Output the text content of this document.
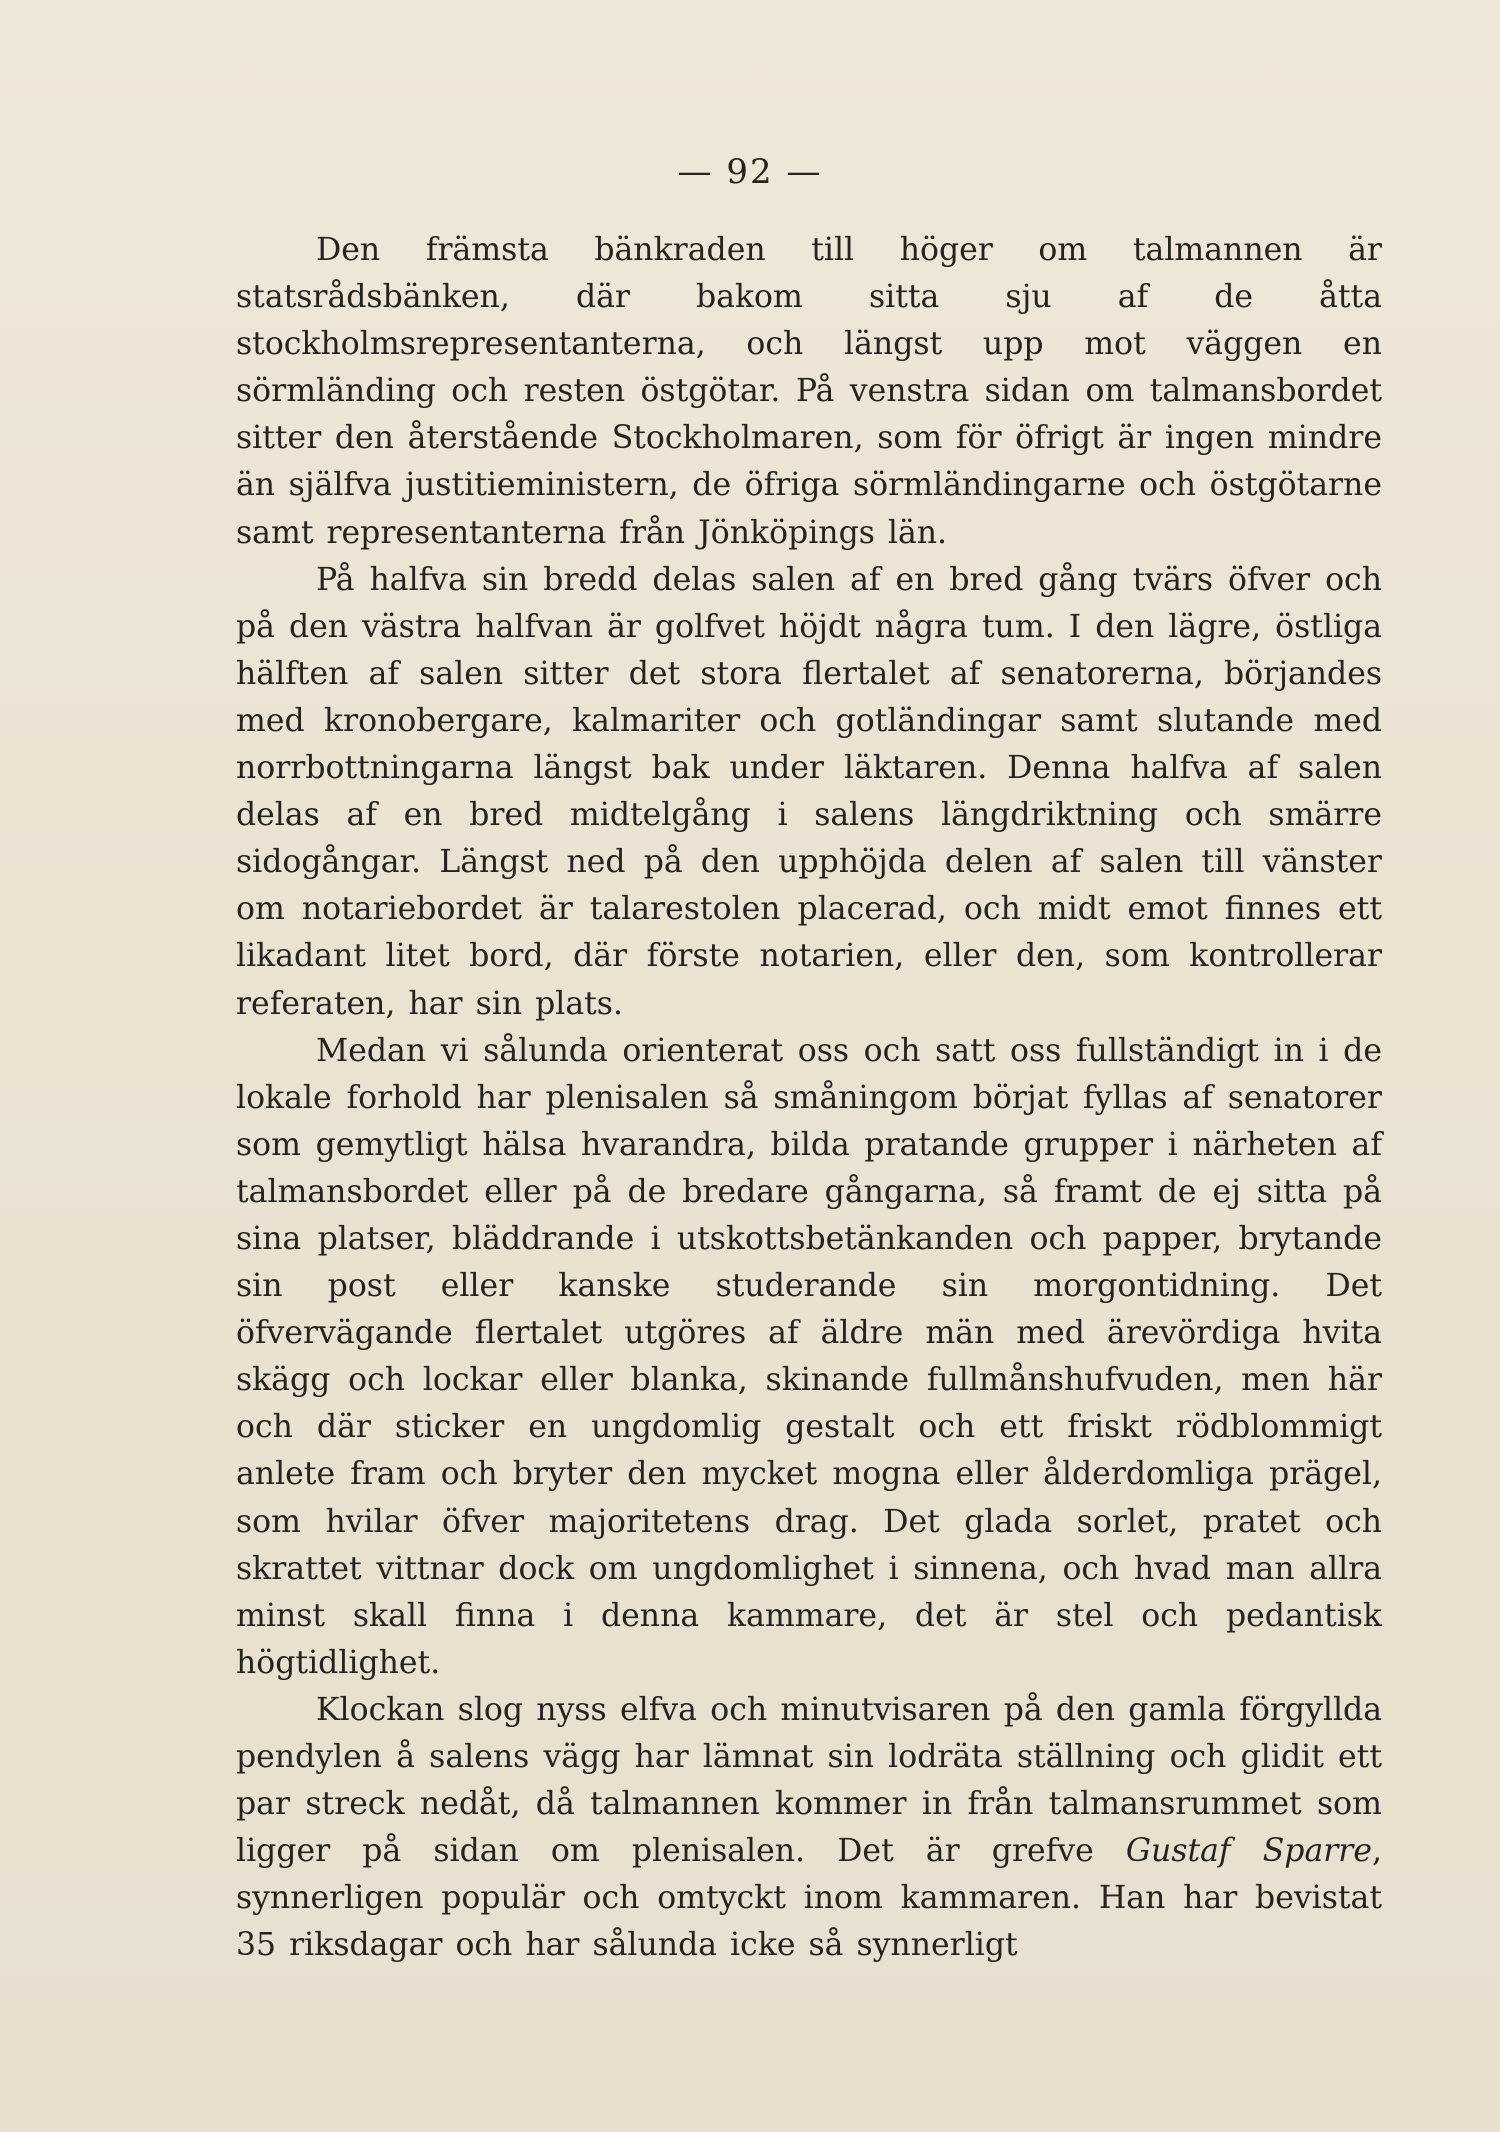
— 92 —

Den främsta bänkraden till höger om talmannen är statsrådsbänken, där bakom sitta sju af de åtta stockholmsrepresentanterna, och längst upp mot väggen en sörmländing och resten östgötar. På venstra sidan om talmansbordet sitter den återstående Stockholmaren, som för öfrigt är ingen mindre än själfva justitieministern, de öfriga sörmländingarne och östgötarne samt representanterna från Jönköpings län.

På halfva sin bredd delas salen af en bred gång tvärs öfver och på den västra halfvan är golfvet höjdt några tum. I den lägre, östliga hälften af salen sitter det stora flertalet af senatorerna, börjandes med kronobergare, kalmariter och gotländingar samt slutande med norrbottningarna längst bak under läktaren. Denna halfva af salen delas af en bred midtelgång i salens längdriktning och smärre sidogångar. Längst ned på den upphöjda delen af salen till vänster om notariebordet är talarestolen placerad, och midt emot finnes ett likadant litet bord, där förste notarien, eller den, som kontrollerar referaten, har sin plats.

Medan vi sålunda orienterat oss och satt oss fullständigt in i de lokale forhold har plenisalen så småningom börjat fyllas af senatorer som gemytligt hälsa hvarandra, bilda pratande grupper i närheten af talmansbordet eller på de bredare gångarna, så framt de ej sitta på sina platser, bläddrande i utskottsbetänkanden och papper, brytande sin post eller kanske studerande sin morgontidning. Det öfvervägande flertalet utgöres af äldre män med ärevördiga hvita skägg och lockar eller blanka, skinande fullmånshufvuden, men här och där sticker en ungdomlig gestalt och ett friskt rödblommigt anlete fram och bryter den mycket mogna eller ålderdomliga prägel, som hvilar öfver majoritetens drag. Det glada sorlet, pratet och skrattet vittnar dock om ungdomlighet i sinnena, och hvad man allra minst skall finna i denna kammare, det är stel och pedantisk högtidlighet.

Klockan slog nyss elfva och minutvisaren på den gamla förgyllda pendylen å salens vägg har lämnat sin lodräta ställning och glidit ett par streck nedåt, då talmannen kommer in från talmansrummet som ligger på sidan om plenisalen. Det är grefve Gustaf Sparre, synnerligen populär och omtyckt inom kammaren. Han har bevistat 35 riksdagar och har sålunda icke så synnerligt
